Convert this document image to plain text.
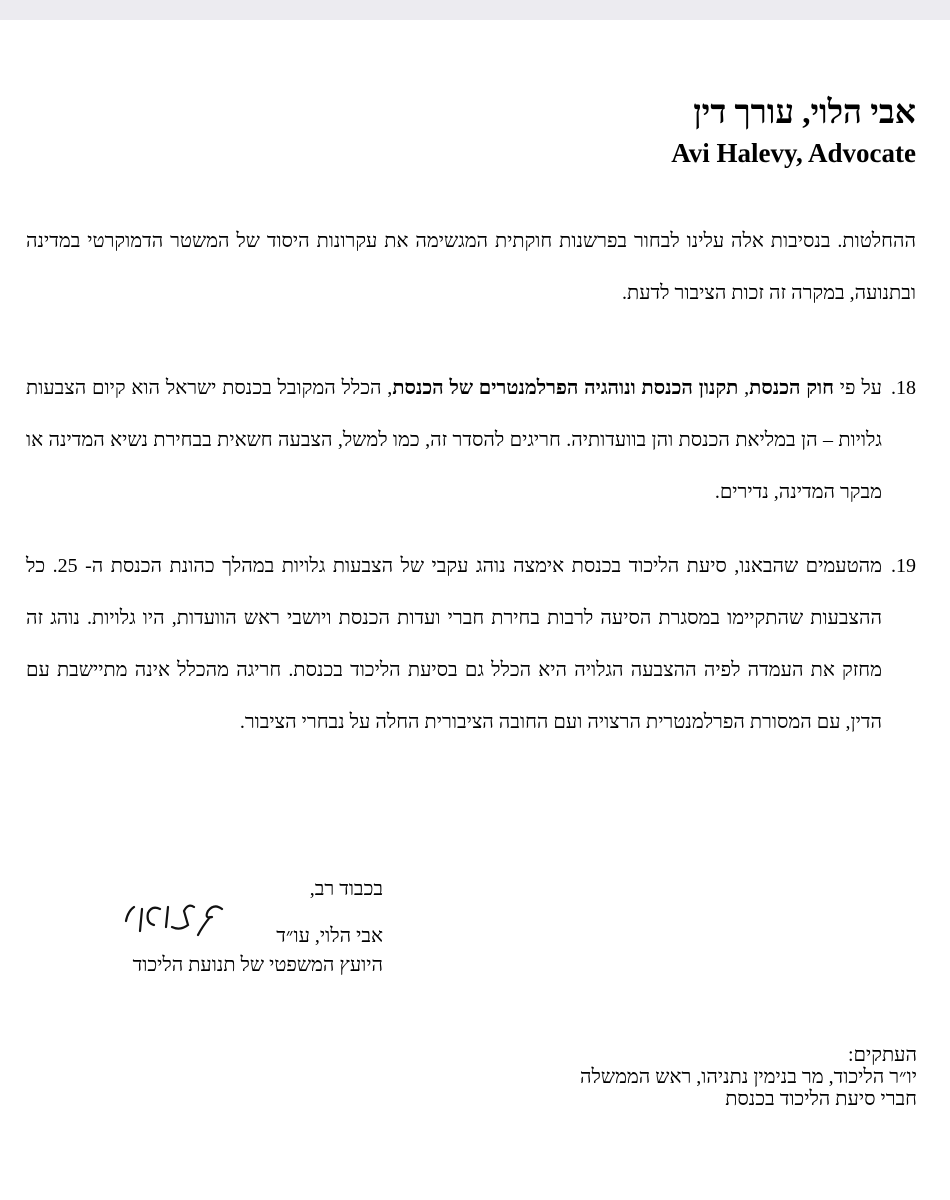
אבי הלוי, עורך דין
Avi Halevy, Advocate
ההחלטות. בנסיבות אלה עלינו לבחור בפרשנות חוקתית המגשימה את עקרונות היסוד של המשטר הדמוקרטי במדינה ובתנועה, במקרה זה זכות הציבור לדעת.
18.
על פי חוק הכנסת, תקנון הכנסת ונוהגיה הפרלמנטרים של הכנסת, הכלל המקובל בכנסת ישראל הוא קיום הצבעות גלויות – הן במליאת הכנסת והן בוועדותיה. חריגים להסדר זה, כמו למשל, הצבעה חשאית בבחירת נשיא המדינה או מבקר המדינה, נדירים.
19.
מהטעמים שהבאנו, סיעת הליכוד בכנסת אימצה נוהג עקבי של הצבעות גלויות במהלך כהונת הכנסת ה- 25. כל ההצבעות שהתקיימו במסגרת הסיעה לרבות בחירת חברי ועדות הכנסת ויושבי ראש הוועדות, היו גלויות. נוהג זה מחזק את העמדה לפיה ההצבעה הגלויה היא הכלל גם בסיעת הליכוד בכנסת. חריגה מהכלל אינה מתיישבת עם הדין, עם המסורת הפרלמנטרית הרצויה ועם החובה הציבורית החלה על נבחרי הציבור.
בכבוד רב,
אבי הלוי, עו״ד
היועץ המשפטי של תנועת הליכוד
העתקים:
יו״ר הליכוד, מר בנימין נתניהו, ראש הממשלה
חברי סיעת הליכוד בכנסת
